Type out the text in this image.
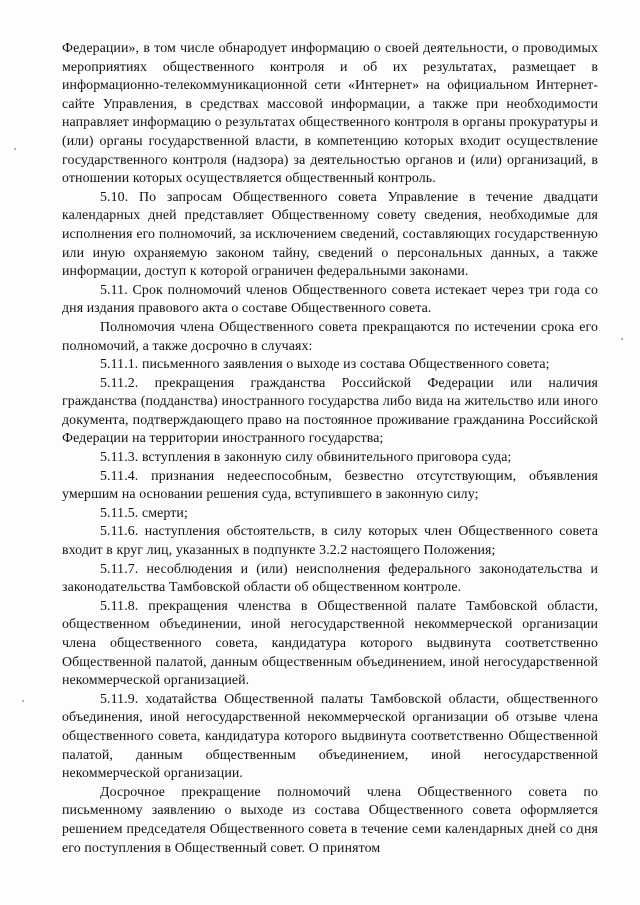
Федерации», в том числе обнародует информацию о своей деятельности, о проводимых мероприятиях общественного контроля и об их результатах, размещает в информационно-телекоммуникационной сети «Интернет» на официальном Интернет-сайте Управления, в средствах массовой информации, а также при необходимости направляет информацию о результатах общественного контроля в органы прокуратуры и (или) органы государственной власти, в компетенцию которых входит осуществление государственного контроля (надзора) за деятельностью органов и (или) организаций, в отношении которых осуществляется общественный контроль.

5.10. По запросам Общественного совета Управление в течение двадцати календарных дней представляет Общественному совету сведения, необходимые для исполнения его полномочий, за исключением сведений, составляющих государственную или иную охраняемую законом тайну, сведений о персональных данных, а также информации, доступ к которой ограничен федеральными законами.

5.11. Срок полномочий членов Общественного совета истекает через три года со дня издания правового акта о составе Общественного совета.

Полномочия члена Общественного совета прекращаются по истечении срока его полномочий, а также досрочно в случаях:

5.11.1. письменного заявления о выходе из состава Общественного совета;

5.11.2. прекращения гражданства Российской Федерации или наличия гражданства (подданства) иностранного государства либо вида на жительство или иного документа, подтверждающего право на постоянное проживание гражданина Российской Федерации на территории иностранного государства;

5.11.3. вступления в законную силу обвинительного приговора суда;

5.11.4. признания недееспособным, безвестно отсутствующим, объявления умершим на основании решения суда, вступившего в законную силу;

5.11.5. смерти;

5.11.6. наступления обстоятельств, в силу которых член Общественного совета входит в круг лиц, указанных в подпункте 3.2.2 настоящего Положения;

5.11.7. несоблюдения и (или) неисполнения федерального законодательства и законодательства Тамбовской области об общественном контроле.

5.11.8. прекращения членства в Общественной палате Тамбовской области, общественном объединении, иной негосударственной некоммерческой организации члена общественного совета, кандидатура которого выдвинута соответственно Общественной палатой, данным общественным объединением, иной негосударственной некоммерческой организацией.

5.11.9. ходатайства Общественной палаты Тамбовской области, общественного объединения, иной негосударственной некоммерческой организации об отзыве члена общественного совета, кандидатура которого выдвинута соответственно Общественной палатой, данным общественным объединением, иной негосударственной некоммерческой организации.

Досрочное прекращение полномочий члена Общественного совета по письменному заявлению о выходе из состава Общественного совета оформляется решением председателя Общественного совета в течение семи календарных дней со дня его поступления в Общественный совет. О принятом
